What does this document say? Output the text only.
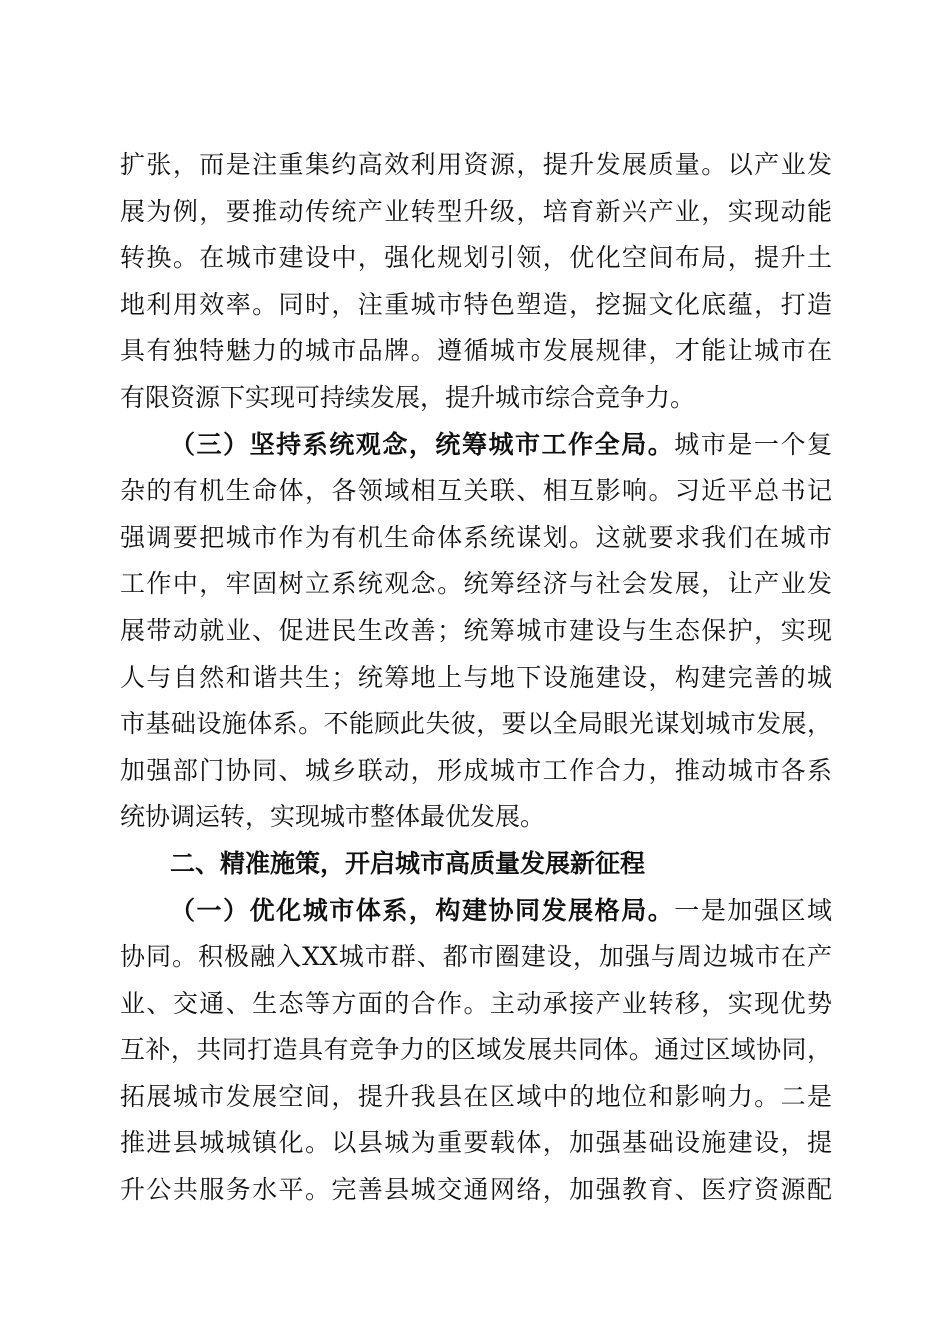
扩张，而是注重集约高效利用资源，提升发展质量。以产业发
展为例，要推动传统产业转型升级，培育新兴产业，实现动能
转换。在城市建设中，强化规划引领，优化空间布局，提升土
地利用效率。同时，注重城市特色塑造，挖掘文化底蕴，打造
具有独特魅力的城市品牌。遵循城市发展规律，才能让城市在
有限资源下实现可持续发展，提升城市综合竞争力。
（三）坚持系统观念，统筹城市工作全局。城市是一个复
杂的有机生命体，各领域相互关联、相互影响。习近平总书记
强调要把城市作为有机生命体系统谋划。这就要求我们在城市
工作中，牢固树立系统观念。统筹经济与社会发展，让产业发
展带动就业、促进民生改善；统筹城市建设与生态保护，实现
人与自然和谐共生；统筹地上与地下设施建设，构建完善的城
市基础设施体系。不能顾此失彼，要以全局眼光谋划城市发展，
加强部门协同、城乡联动，形成城市工作合力，推动城市各系
统协调运转，实现城市整体最优发展。
二、精准施策，开启城市高质量发展新征程
（一）优化城市体系，构建协同发展格局。一是加强区域
协同。积极融入XX城市群、都市圈建设，加强与周边城市在产
业、交通、生态等方面的合作。主动承接产业转移，实现优势
互补，共同打造具有竞争力的区域发展共同体。通过区域协同，
拓展城市发展空间，提升我县在区域中的地位和影响力。二是
推进县城城镇化。以县城为重要载体，加强基础设施建设，提
升公共服务水平。完善县城交通网络，加强教育、医疗资源配
